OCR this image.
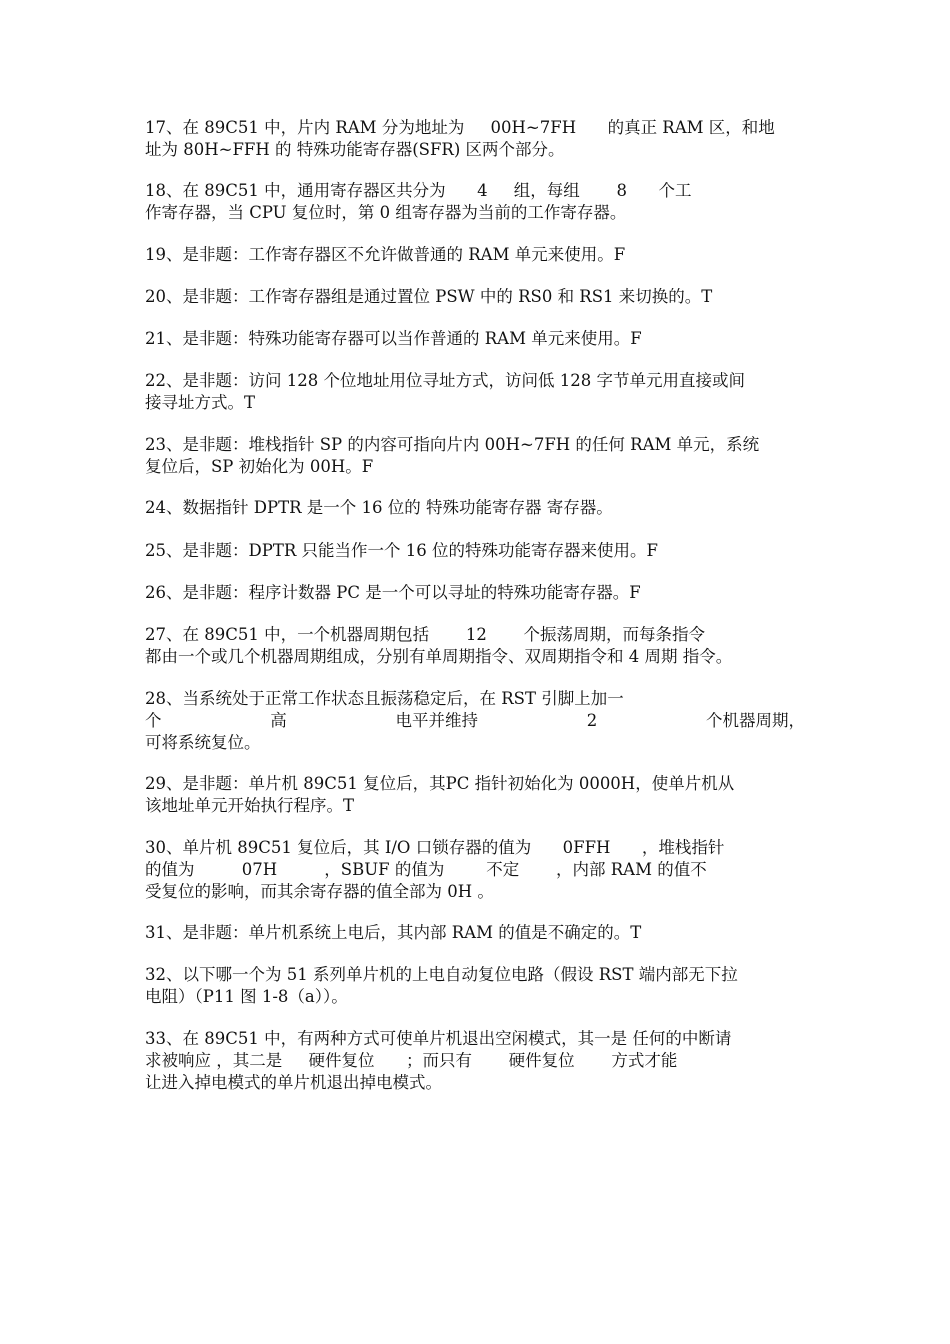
17、在 89C51 中，片内 RAM 分为地址为     00H~7FH      的真正 RAM 区，和地
址为 80H~FFH 的 特殊功能寄存器(SFR) 区两个部分。
18、在 89C51 中，通用寄存器区共分为      4     组，每组       8      个工
作寄存器，当 CPU 复位时，第 0 组寄存器为当前的工作寄存器。
19、是非题：工作寄存器区不允许做普通的 RAM 单元来使用。F
20、是非题：工作寄存器组是通过置位 PSW 中的 RS0 和 RS1 来切换的。T
21、是非题：特殊功能寄存器可以当作普通的 RAM 单元来使用。F
22、是非题：访问 128 个位地址用位寻址方式，访问低 128 字节单元用直接或间
接寻址方式。T
23、是非题：堆栈指针 SP 的内容可指向片内 00H~7FH 的任何 RAM 单元，系统
复位后，SP 初始化为 00H。F
24、数据指针 DPTR 是一个 16 位的 特殊功能寄存器 寄存器。
25、是非题：DPTR 只能当作一个 16 位的特殊功能寄存器来使用。F
26、是非题：程序计数器 PC 是一个可以寻址的特殊功能寄存器。F
27、在 89C51 中，一个机器周期包括       12       个振荡周期，而每条指令
都由一个或几个机器周期组成，分别有单周期指令、双周期指令和 4 周期 指令。
28、当系统处于正常工作状态且振荡稳定后，在 RST 引脚上加一
个	高	电平并维持	2	个机器周期，
可将系统复位。
29、是非题：单片机 89C51 复位后，其PC 指针初始化为 0000H，使单片机从
该地址单元开始执行程序。T
30、单片机 89C51 复位后，其 I/O 口锁存器的值为      0FFH      ，堆栈指针
的值为         07H         ，SBUF 的值为        不定       ，内部 RAM 的值不
受复位的影响，而其余寄存器的值全部为 0H 。
31、是非题：单片机系统上电后，其内部 RAM 的值是不确定的。T
32、以下哪一个为 51 系列单片机的上电自动复位电路（假设 RST 端内部无下拉
电阻）（P11 图 1-8（a））。
33、在 89C51 中，有两种方式可使单片机退出空闲模式，其一是 任何的中断请
求被响应 ，其二是     硬件复位      ；而只有       硬件复位       方式才能
让进入掉电模式的单片机退出掉电模式。
